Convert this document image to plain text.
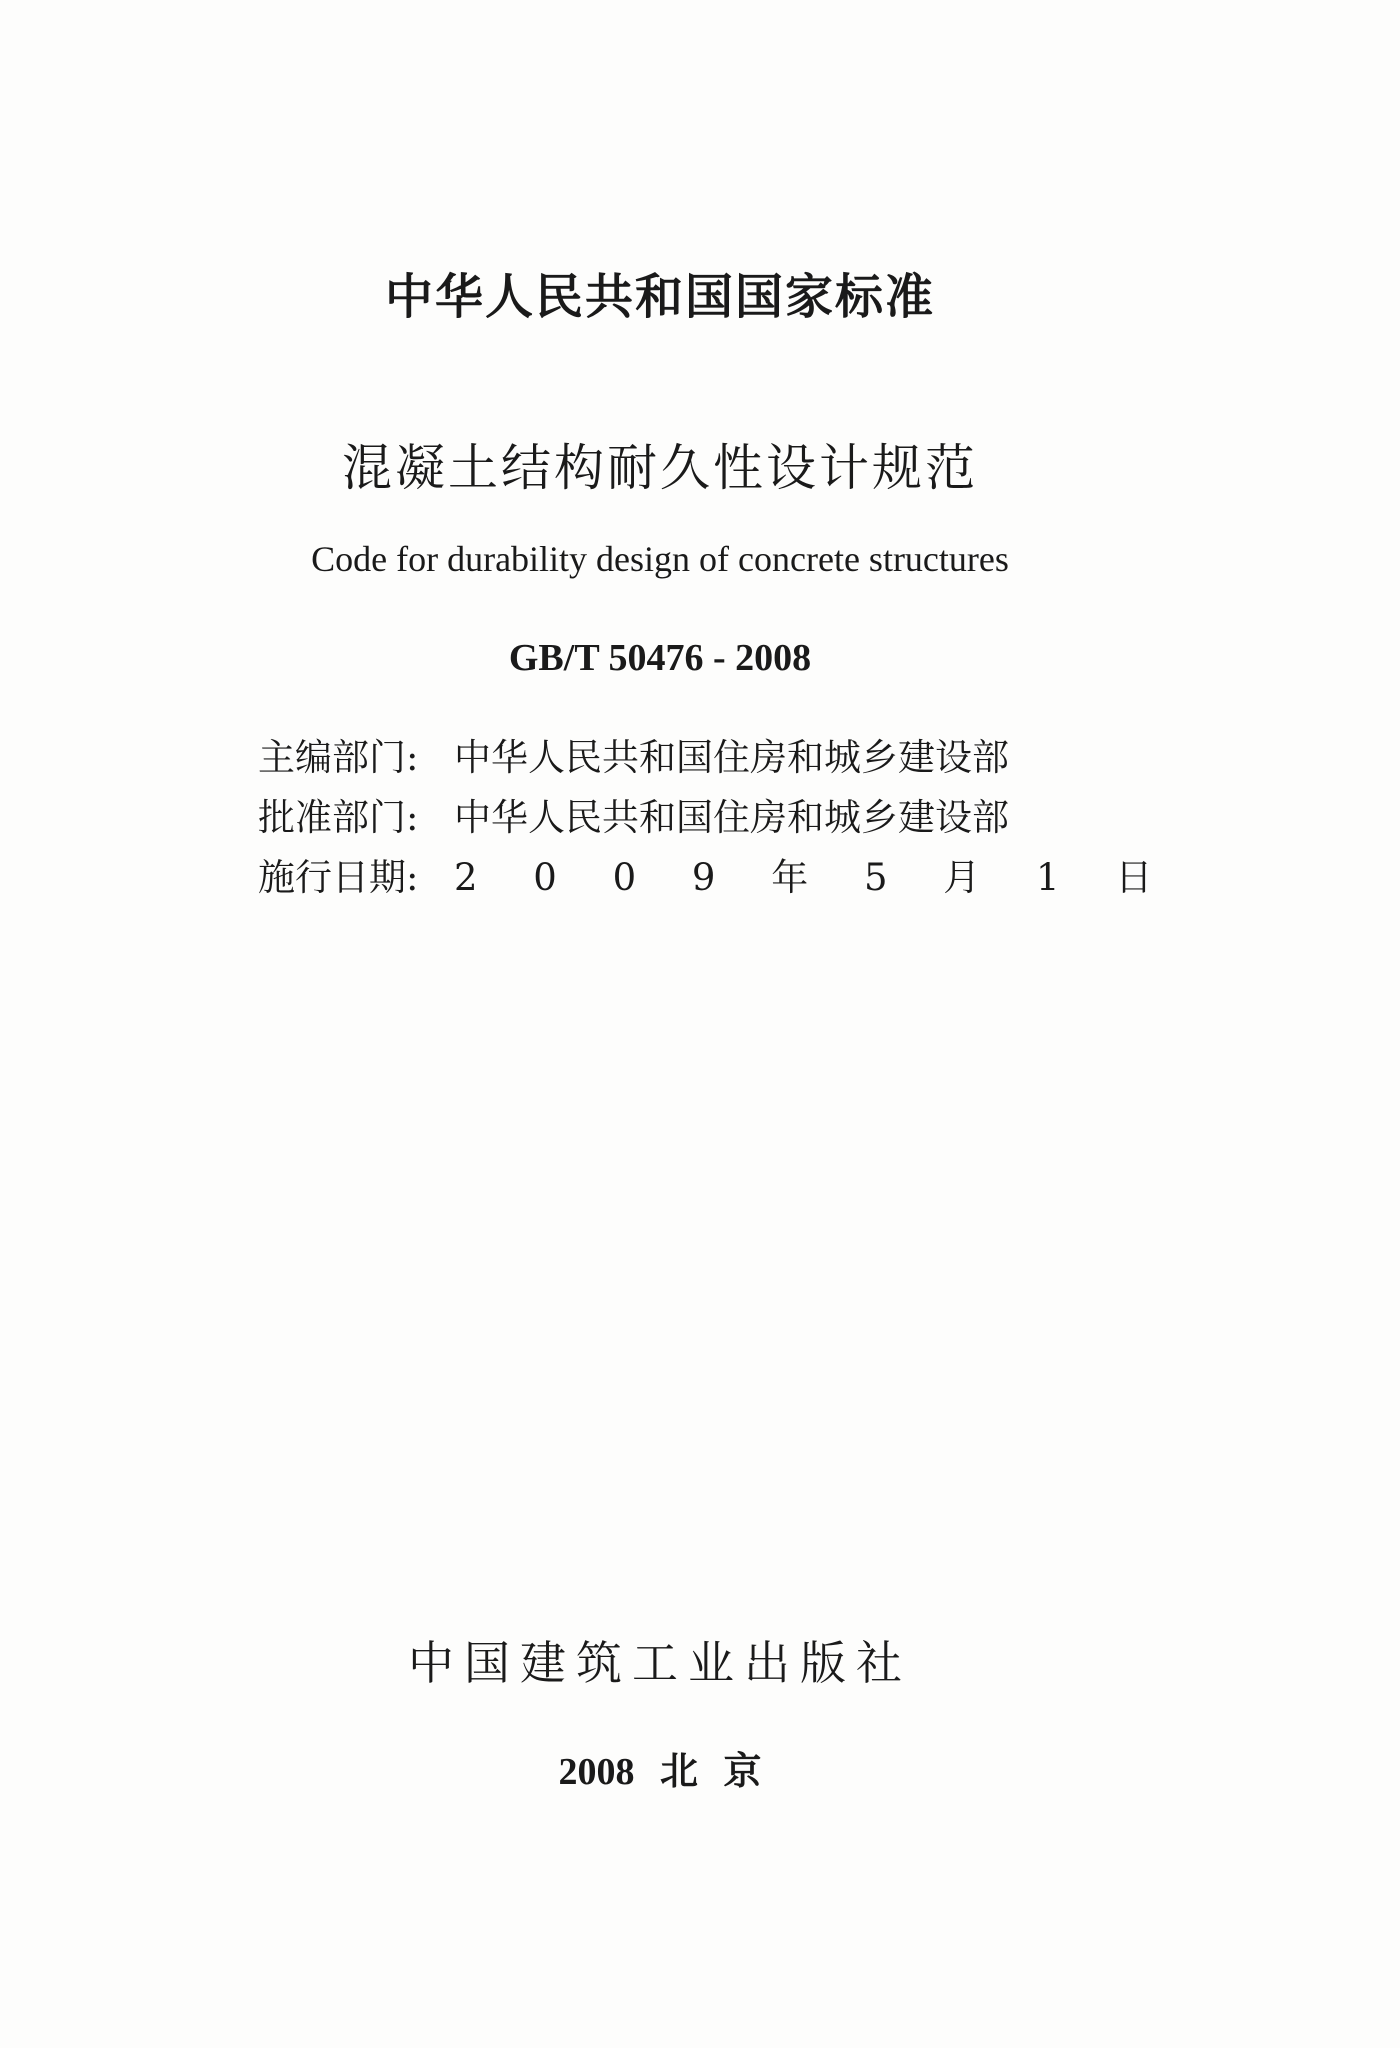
中华人民共和国国家标准
混凝土结构耐久性设计规范
Code for durability design of concrete structures
GB/T 50476 - 2008
主编部门: 中华人民共和国住房和城乡建设部
批准部门: 中华人民共和国住房和城乡建设部
施行日期: 2 0 0 9 年 5 月 1 日
中国建筑工业出版社
2008 北 京
